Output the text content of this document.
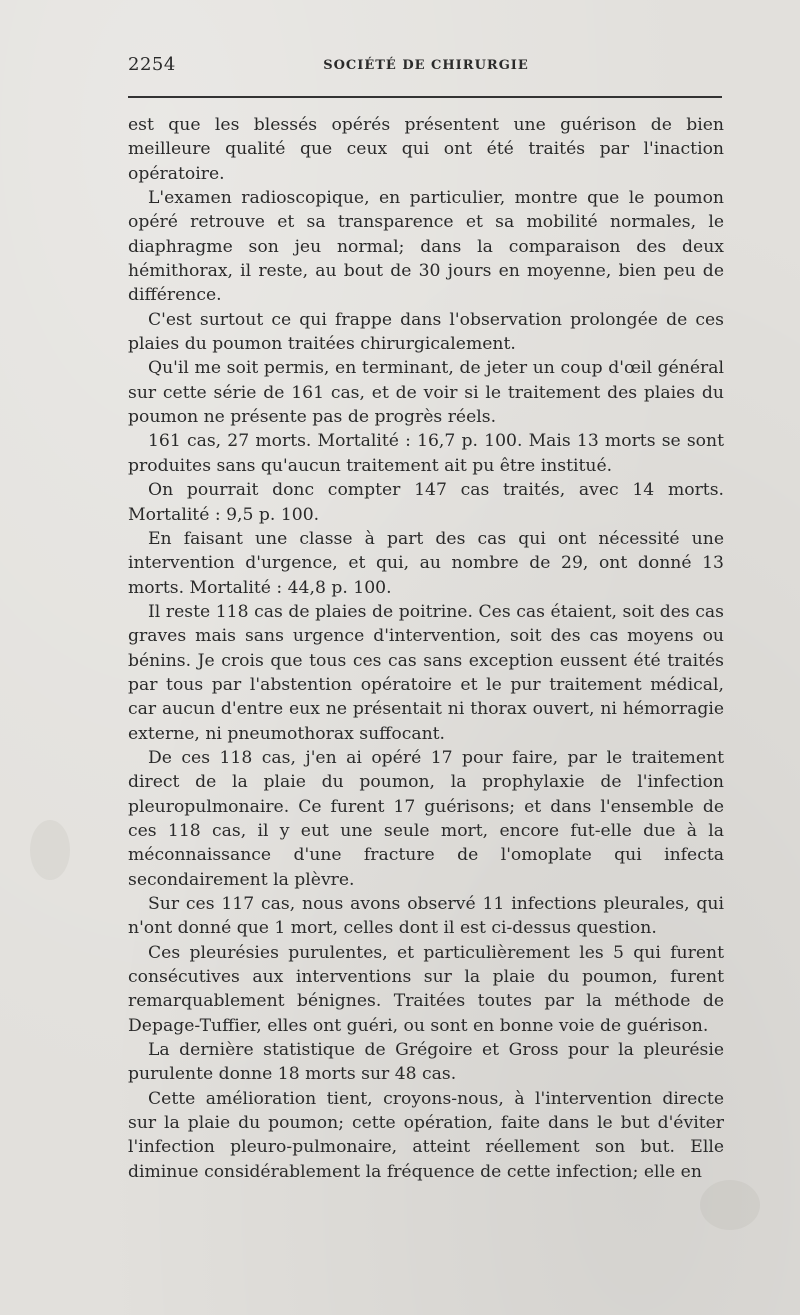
2254	SOCIÉTÉ DE CHIRURGIE

est que les blessés opérés présentent une guérison de bien meilleure qualité que ceux qui ont été traités par l'inaction opératoire.

L'examen radioscopique, en particulier, montre que le poumon opéré retrouve et sa transparence et sa mobilité normales, le diaphragme son jeu normal; dans la comparaison des deux hémithorax, il reste, au bout de 30 jours en moyenne, bien peu de différence.

C'est surtout ce qui frappe dans l'observation prolongée de ces plaies du poumon traitées chirurgicalement.

Qu'il me soit permis, en terminant, de jeter un coup d'œil général sur cette série de 161 cas, et de voir si le traitement des plaies du poumon ne présente pas de progrès réels.

161 cas, 27 morts. Mortalité : 16,7 p. 100. Mais 13 morts se sont produites sans qu'aucun traitement ait pu être institué.

On pourrait donc compter 147 cas traités, avec 14 morts. Mortalité : 9,5 p. 100.

En faisant une classe à part des cas qui ont nécessité une intervention d'urgence, et qui, au nombre de 29, ont donné 13 morts. Mortalité : 44,8 p. 100.

Il reste 118 cas de plaies de poitrine. Ces cas étaient, soit des cas graves mais sans urgence d'intervention, soit des cas moyens ou bénins. Je crois que tous ces cas sans exception eussent été traités par tous par l'abstention opératoire et le pur traitement médical, car aucun d'entre eux ne présentait ni thorax ouvert, ni hémorragie externe, ni pneumothorax suffocant.

De ces 118 cas, j'en ai opéré 17 pour faire, par le traitement direct de la plaie du poumon, la prophylaxie de l'infection pleuropulmonaire. Ce furent 17 guérisons; et dans l'ensemble de ces 118 cas, il y eut une seule mort, encore fut-elle due à la méconnaissance d'une fracture de l'omoplate qui infecta secondairement la plèvre.

Sur ces 117 cas, nous avons observé 11 infections pleurales, qui n'ont donné que 1 mort, celles dont il est ci-dessus question.

Ces pleurésies purulentes, et particulièrement les 5 qui furent consécutives aux interventions sur la plaie du poumon, furent remarquablement bénignes. Traitées toutes par la méthode de Depage-Tuffier, elles ont guéri, ou sont en bonne voie de guérison.

La dernière statistique de Grégoire et Gross pour la pleurésie purulente donne 18 morts sur 48 cas.

Cette amélioration tient, croyons-nous, à l'intervention directe sur la plaie du poumon; cette opération, faite dans le but d'éviter l'infection pleuro-pulmonaire, atteint réellement son but. Elle diminue considérablement la fréquence de cette infection; elle en
